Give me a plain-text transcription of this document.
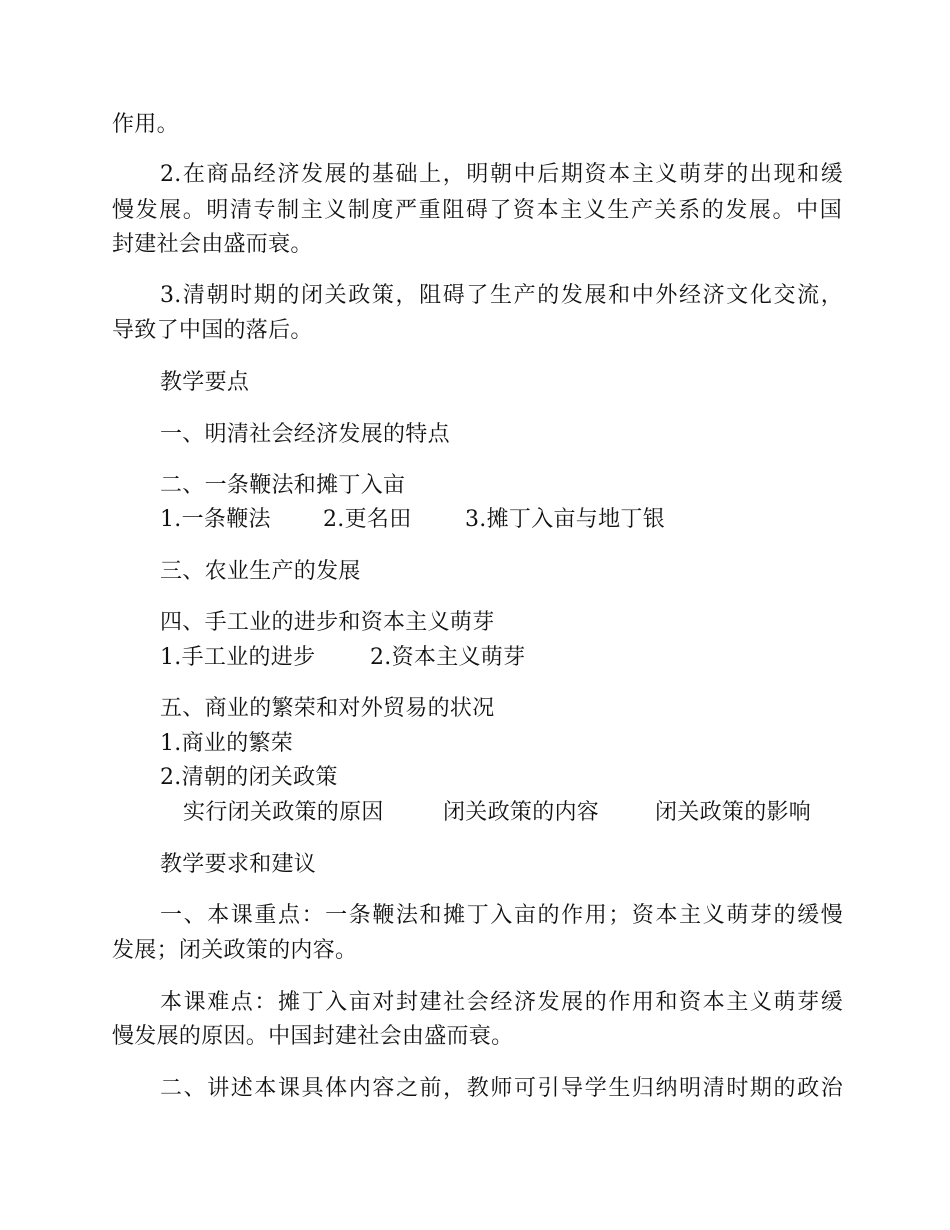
作用。
2.在商品经济发展的基础上，明朝中后期资本主义萌芽的出现和缓
慢发展。明清专制主义制度严重阻碍了资本主义生产关系的发展。中国
封建社会由盛而衰。
3.清朝时期的闭关政策，阻碍了生产的发展和中外经济文化交流，
导致了中国的落后。
教学要点
一、明清社会经济发展的特点
二、一条鞭法和摊丁入亩
1.一条鞭法 2.更名田 3.摊丁入亩与地丁银
三、农业生产的发展
四、手工业的进步和资本主义萌芽
1.手工业的进步 2.资本主义萌芽
五、商业的繁荣和对外贸易的状况
1.商业的繁荣
2.清朝的闭关政策
实行闭关政策的原因	闭关政策的内容	闭关政策的影响
教学要求和建议
一、本课重点：一条鞭法和摊丁入亩的作用；资本主义萌芽的缓慢
发展；闭关政策的内容。
本课难点：摊丁入亩对封建社会经济发展的作用和资本主义萌芽缓
慢发展的原因。中国封建社会由盛而衰。
二、讲述本课具体内容之前，教师可引导学生归纳明清时期的政治
